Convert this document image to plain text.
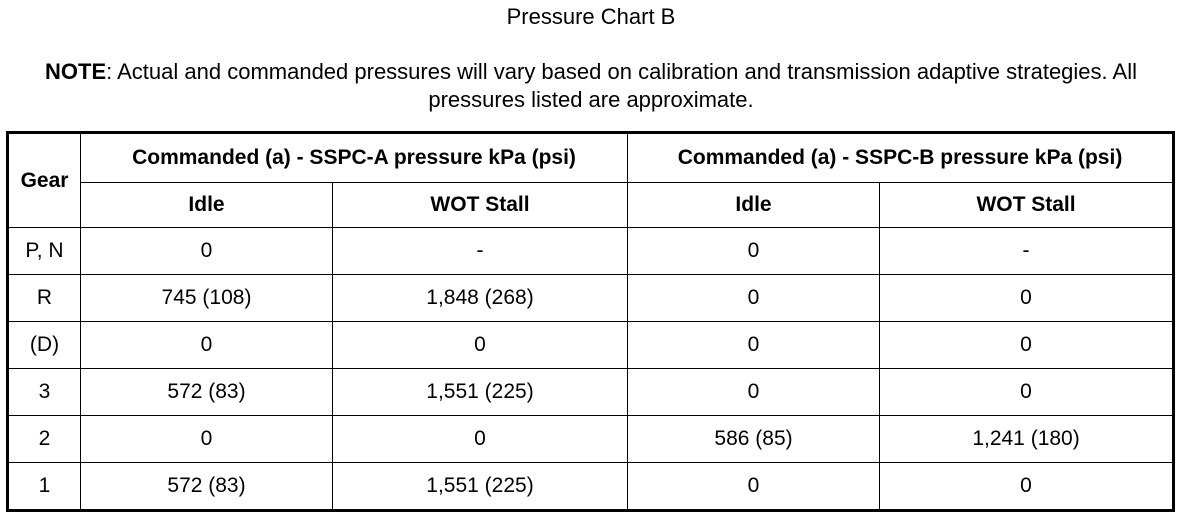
Pressure Chart B
NOTE: Actual and commanded pressures will vary based on calibration and transmission adaptive strategies. All pressures listed are approximate.
Gear	Commanded (a) - SSPC-A pressure kPa (psi)		Commanded (a) - SSPC-B pressure kPa (psi)	
	Idle	WOT Stall	Idle	WOT Stall
P, N	0	-	0	-
R	745 (108)	1,848 (268)	0	0
(D)	0	0	0	0
3	572 (83)	1,551 (225)	0	0
2	0	0	586 (85)	1,241 (180)
1	572 (83)	1,551 (225)	0	0
